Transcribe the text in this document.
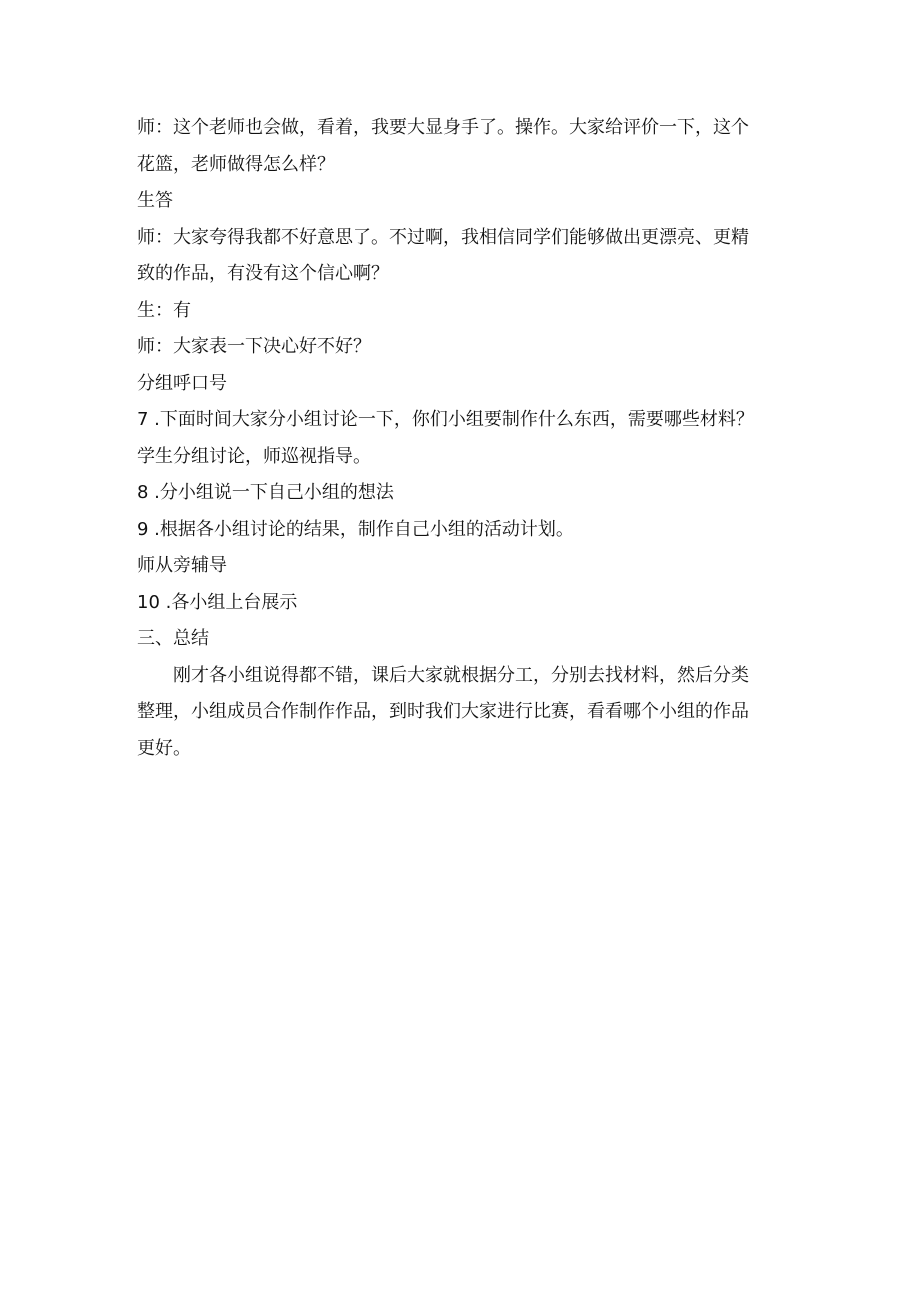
师：这个老师也会做，看着，我要大显身手了。操作。大家给评价一下，这个
花篮，老师做得怎么样？
生答
师：大家夸得我都不好意思了。不过啊，我相信同学们能够做出更漂亮、更精
致的作品，有没有这个信心啊？
生：有
师：大家表一下决心好不好？
分组呼口号
7 .下面时间大家分小组讨论一下，你们小组要制作什么东西，需要哪些材料？
学生分组讨论，师巡视指导。
8 .分小组说一下自己小组的想法
9 .根据各小组讨论的结果，制作自己小组的活动计划。
师从旁辅导
10 .各小组上台展示
三、总结
刚才各小组说得都不错，课后大家就根据分工，分别去找材料，然后分类
整理，小组成员合作制作作品，到时我们大家进行比赛，看看哪个小组的作品
更好。
